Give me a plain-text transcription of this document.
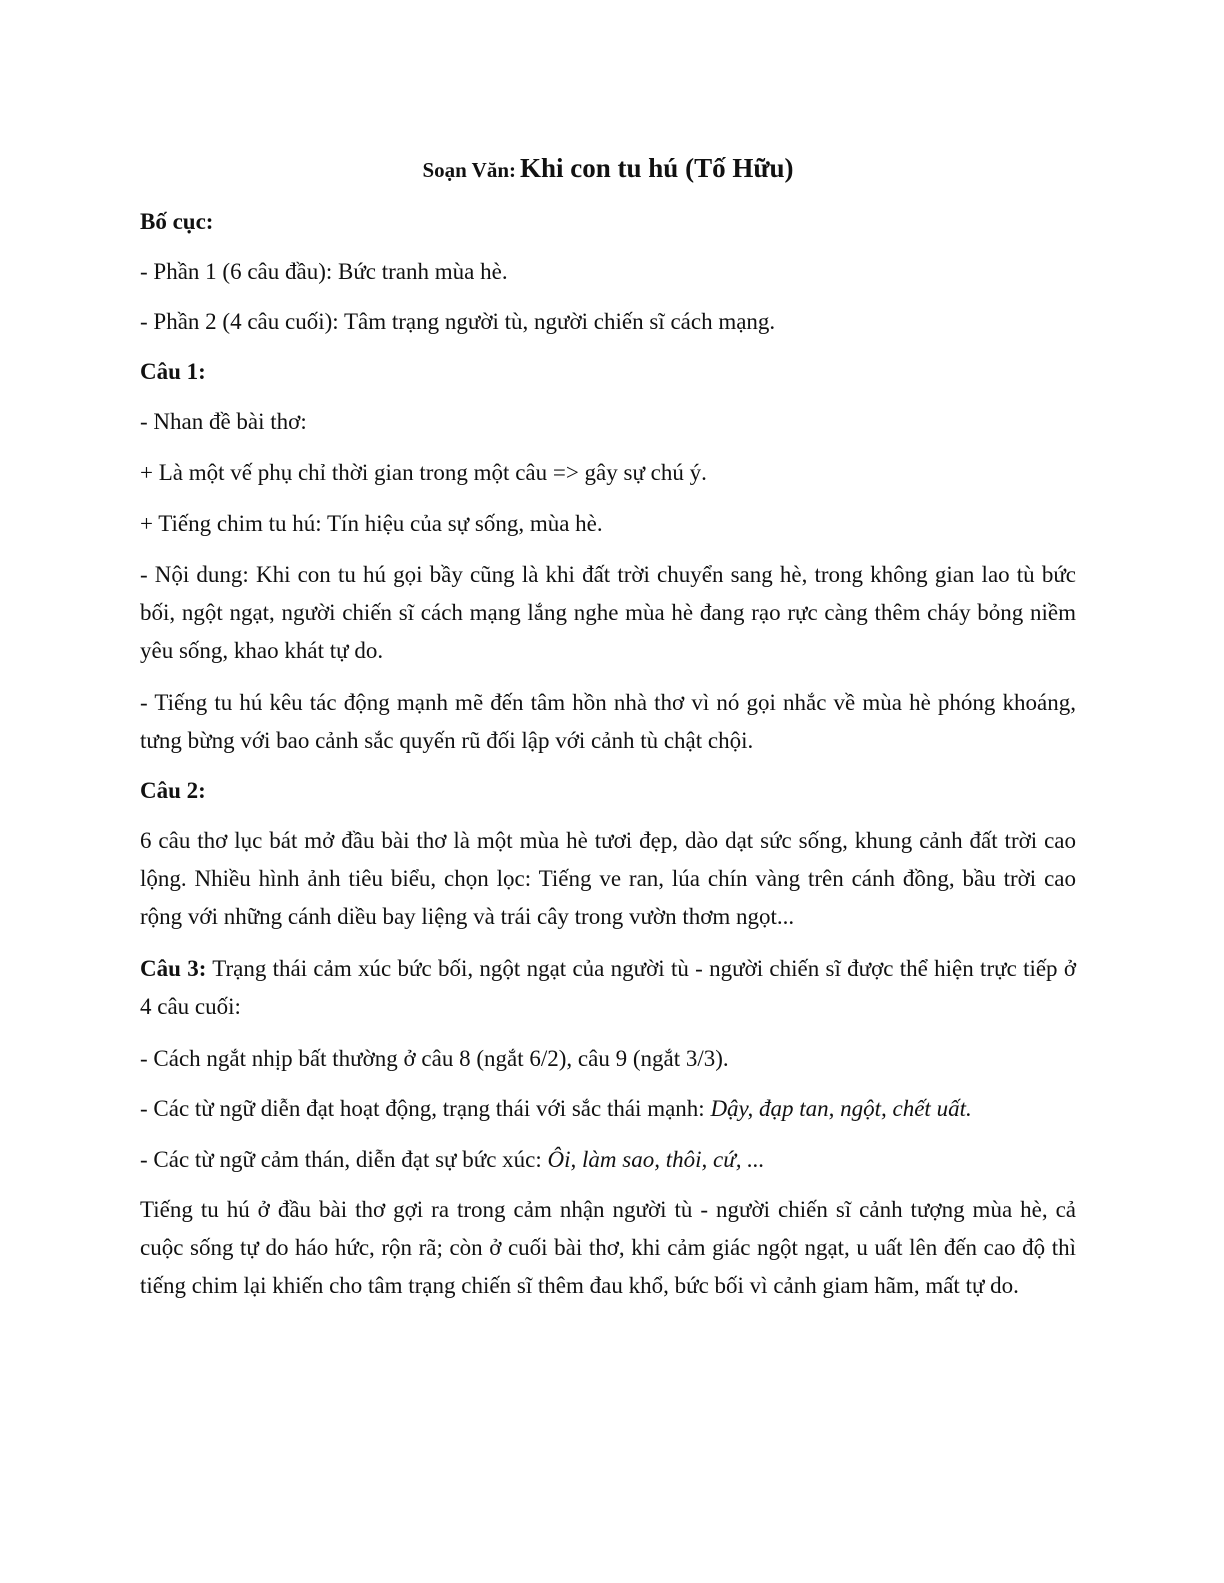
Soạn Văn: Khi con tu hú (Tố Hữu)
Bố cục:
- Phần 1 (6 câu đầu): Bức tranh mùa hè.
- Phần 2 (4 câu cuối): Tâm trạng người tù, người chiến sĩ cách mạng.
Câu 1:
- Nhan đề bài thơ:
+ Là một vế phụ chỉ thời gian trong một câu => gây sự chú ý.
+ Tiếng chim tu hú: Tín hiệu của sự sống, mùa hè.
- Nội dung: Khi con tu hú gọi bầy cũng là khi đất trời chuyển sang hè, trong không gian lao tù bức bối, ngột ngạt, người chiến sĩ cách mạng lắng nghe mùa hè đang rạo rực càng thêm cháy bỏng niềm yêu sống, khao khát tự do.
- Tiếng tu hú kêu tác động mạnh mẽ đến tâm hồn nhà thơ vì nó gọi nhắc về mùa hè phóng khoáng, tưng bừng với bao cảnh sắc quyến rũ đối lập với cảnh tù chật chội.
Câu 2:
6 câu thơ lục bát mở đầu bài thơ là một mùa hè tươi đẹp, dào dạt sức sống, khung cảnh đất trời cao lộng. Nhiều hình ảnh tiêu biểu, chọn lọc: Tiếng ve ran, lúa chín vàng trên cánh đồng, bầu trời cao rộng với những cánh diều bay liệng và trái cây trong vườn thơm ngọt...
Câu 3: Trạng thái cảm xúc bức bối, ngột ngạt của người tù - người chiến sĩ được thể hiện trực tiếp ở 4 câu cuối:
- Cách ngắt nhịp bất thường ở câu 8 (ngắt 6/2), câu 9 (ngắt 3/3).
- Các từ ngữ diễn đạt hoạt động, trạng thái với sắc thái mạnh: Dậy, đạp tan, ngột, chết uất.
- Các từ ngữ cảm thán, diễn đạt sự bức xúc: Ôi, làm sao, thôi, cứ, ...
Tiếng tu hú ở đầu bài thơ gợi ra trong cảm nhận người tù - người chiến sĩ cảnh tượng mùa hè, cả cuộc sống tự do háo hức, rộn rã; còn ở cuối bài thơ, khi cảm giác ngột ngạt, u uất lên đến cao độ thì tiếng chim lại khiến cho tâm trạng chiến sĩ thêm đau khổ, bức bối vì cảnh giam hãm, mất tự do.
